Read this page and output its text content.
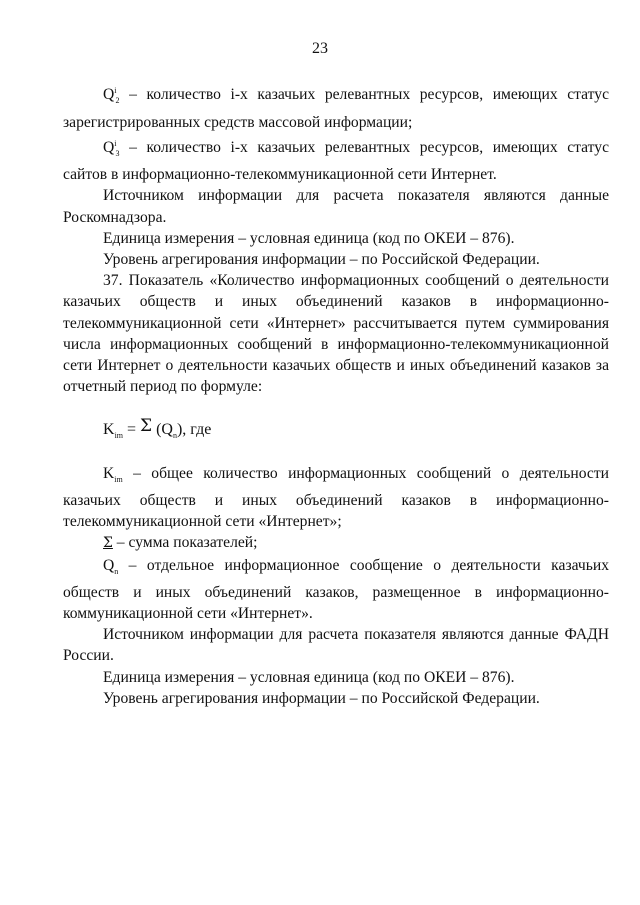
23

$Q^i_2$ – количество i-х казачьих релевантных ресурсов, имеющих статус зарегистрированных средств массовой информации;

$Q^i_3$ – количество i-х казачьих релевантных ресурсов, имеющих статус сайтов в информационно-телекоммуникационной сети Интернет.

Источником информации для расчета показателя являются данные Роскомнадзора.

Единица измерения – условная единица (код по ОКЕИ – 876).

Уровень агрегирования информации – по Российской Федерации.

37. Показатель «Количество информационных сообщений о деятельности казачьих обществ и иных объединений казаков в информационно-телекоммуникационной сети «Интернет» рассчитывается путем суммирования числа информационных сообщений в информационно-телекоммуникационной сети Интернет о деятельности казачьих обществ и иных объединений казаков за отчетный период по формуле:

$K_{im} = \Sigma$ $(Q_n)$, где

$K_{im}$ – общее количество информационных сообщений о деятельности казачьих обществ и иных объединений казаков в информационно-телекоммуникационной сети «Интернет»;

Σ – сумма показателей;

$Q_n$ – отдельное информационное сообщение о деятельности казачьих обществ и иных объединений казаков, размещенное в информационно-коммуникационной сети «Интернет».

Источником информации для расчета показателя являются данные ФАДН России.

Единица измерения – условная единица (код по ОКЕИ – 876).

Уровень агрегирования информации – по Российской Федерации.
